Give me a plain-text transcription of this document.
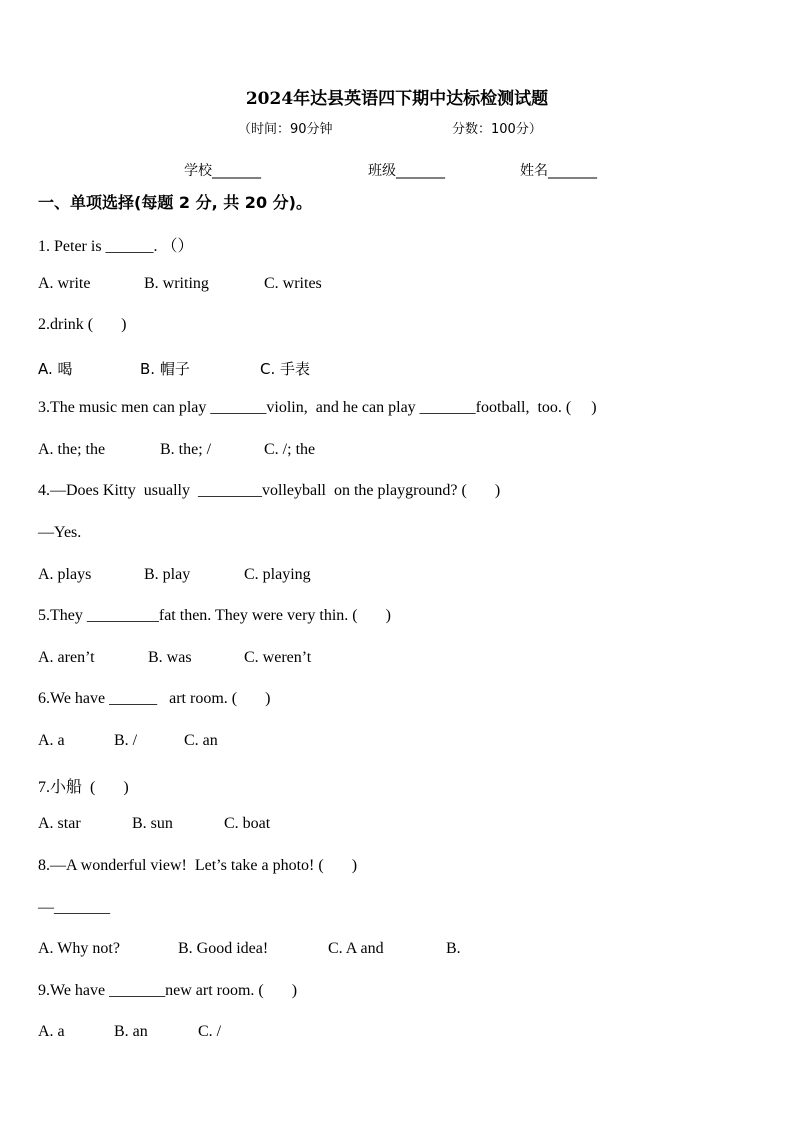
2024年达县英语四下期中达标检测试题
（时间：90分钟	分数：100分）
学校_______	班级_______	姓名_______
一、单项选择(每题 2 分, 共 20 分)。
1. Peter is ______. （）
A. write	B. writing	C. writes
2.drink (       )
A. 喝	B. 帽子	C. 手表
3.The music men can play _______violin,  and he can play _______football,  too. (     )
A. the; the	B. the; /	C. /; the
4.—Does Kitty  usually  ________volleyball  on the playground? (       )
—Yes.
A. plays	B. play	C. playing
5.They _________fat then. They were very thin. (       )
A. aren’t	B. was	C. weren’t
6.We have ______   art room. (       )
A. a	B. /	C. an
7.小船  (       )
A. star	B. sun	C. boat
8.—A wonderful view!  Let’s take a photo! (       )
—_______
A. Why not?	B. Good idea!	C. A and	B.
9.We have _______new art room. (       )
A. a	B. an	C. /
